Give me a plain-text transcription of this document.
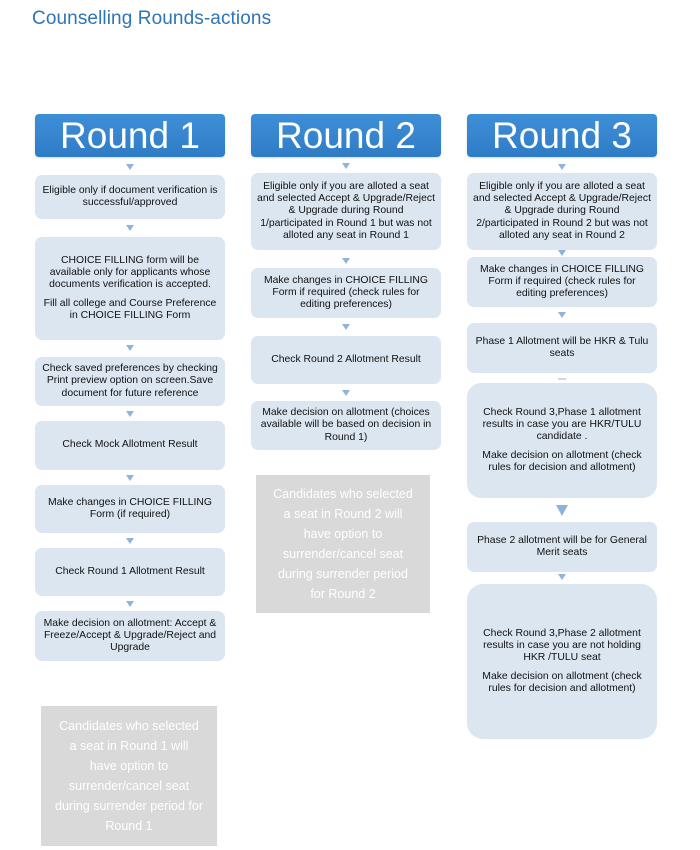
Counselling Rounds-actions
Round 1

Eligible only if document verification is successful/approved

CHOICE FILLING form will be available only for applicants whose documents verification is accepted.

Fill all college and Course Preference in CHOICE FILLING Form

Check saved preferences by checking Print preview option on screen.Save document for future reference

Check Mock Allotment Result

Make changes in CHOICE FILLING Form (if required)

Check Round 1 Allotment Result

Make decision on allotment: Accept & Freeze/Accept & Upgrade/Reject and Upgrade

Candidates who selected a seat in Round 1 will have option to surrender/cancel seat during surrender period for Round 1
Round 2

Eligible only if you are alloted a seat and selected Accept & Upgrade/Reject & Upgrade during Round 1/participated in Round 1 but was not alloted any seat in Round 1

Make changes in CHOICE FILLING Form if required (check rules for editing preferences)

Check Round 2 Allotment Result

Make decision on allotment (choices available will be based on decision in Round 1)

Candidates who selected a seat in Round 2 will have option to surrender/cancel seat during surrender period for Round 2
Round 3

Eligible only if you are alloted a seat and selected Accept & Upgrade/Reject & Upgrade during Round 2/participated in Round 2 but was not alloted any seat in Round 2

Make changes in CHOICE FILLING Form if required (check rules for editing preferences)

Phase 1 Allotment will be HKR & Tulu seats

Check Round 3,Phase 1 allotment results in case you are HKR/TULU candidate .

Make decision on allotment (check rules for decision and allotment)

Phase 2 allotment will be for General Merit seats

Check Round 3,Phase 2 allotment results in case you are not holding HKR /TULU seat

Make decision on allotment (check rules for decision and allotment)
